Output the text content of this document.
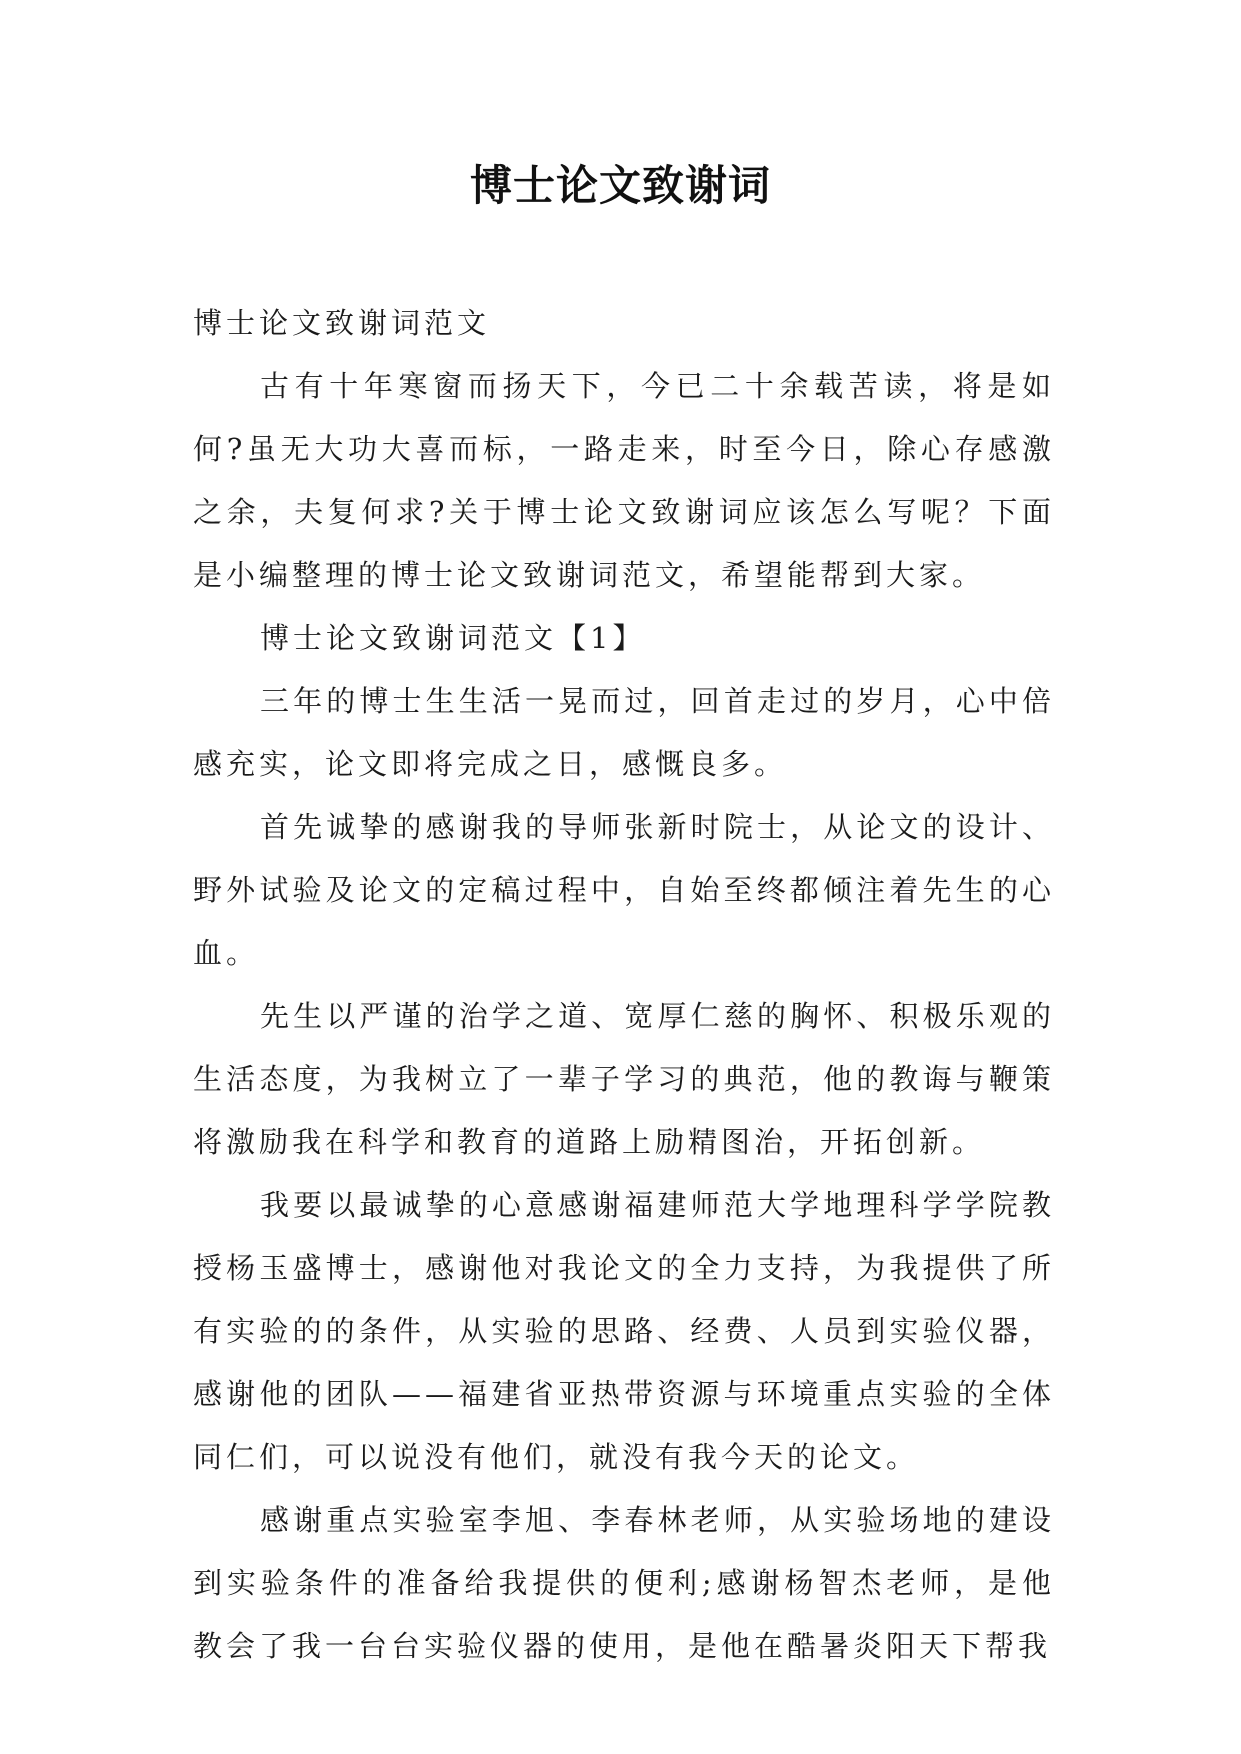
博士论文致谢词

博士论文致谢词范文

古有十年寒窗而扬天下，今已二十余载苦读，将是如何?虽无大功大喜而标，一路走来，时至今日，除心存感激之余，夫复何求?关于博士论文致谢词应该怎么写呢？下面是小编整理的博士论文致谢词范文，希望能帮到大家。

博士论文致谢词范文【1】

三年的博士生生活一晃而过，回首走过的岁月，心中倍感充实，论文即将完成之日，感慨良多。

首先诚挚的感谢我的导师张新时院士，从论文的设计、野外试验及论文的定稿过程中，自始至终都倾注着先生的心血。

先生以严谨的治学之道、宽厚仁慈的胸怀、积极乐观的生活态度，为我树立了一辈子学习的典范，他的教诲与鞭策将激励我在科学和教育的道路上励精图治，开拓创新。

我要以最诚挚的心意感谢福建师范大学地理科学学院教授杨玉盛博士，感谢他对我论文的全力支持，为我提供了所有实验的的条件，从实验的思路、经费、人员到实验仪器，感谢他的团队——福建省亚热带资源与环境重点实验的全体同仁们，可以说没有他们，就没有我今天的论文。

感谢重点实验室李旭、李春林老师，从实验场地的建设到实验条件的准备给我提供的便利;感谢杨智杰老师，是他教会了我一台台实验仪器的使用，是他在酷暑炎阳天下帮我
